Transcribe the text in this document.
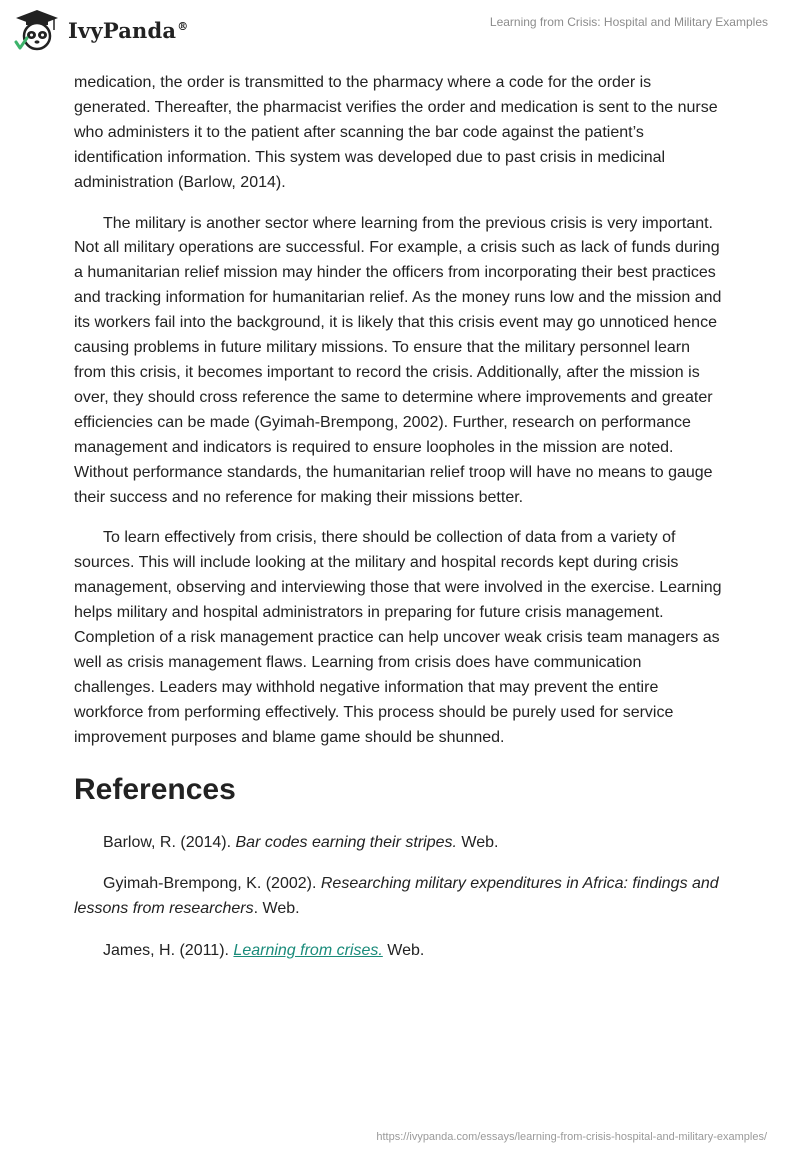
IvyPanda®	Learning from Crisis: Hospital and Military Examples

medication, the order is transmitted to the pharmacy where a code for the order is generated. Thereafter, the pharmacist verifies the order and medication is sent to the nurse who administers it to the patient after scanning the bar code against the patient’s identification information. This system was developed due to past crisis in medicinal administration (Barlow, 2014).

The military is another sector where learning from the previous crisis is very important. Not all military operations are successful. For example, a crisis such as lack of funds during a humanitarian relief mission may hinder the officers from incorporating their best practices and tracking information for humanitarian relief. As the money runs low and the mission and its workers fail into the background, it is likely that this crisis event may go unnoticed hence causing problems in future military missions. To ensure that the military personnel learn from this crisis, it becomes important to record the crisis. Additionally, after the mission is over, they should cross reference the same to determine where improvements and greater efficiencies can be made (Gyimah-Brempong, 2002). Further, research on performance management and indicators is required to ensure loopholes in the mission are noted. Without performance standards, the humanitarian relief troop will have no means to gauge their success and no reference for making their missions better.

To learn effectively from crisis, there should be collection of data from a variety of sources. This will include looking at the military and hospital records kept during crisis management, observing and interviewing those that were involved in the exercise. Learning helps military and hospital administrators in preparing for future crisis management. Completion of a risk management practice can help uncover weak crisis team managers as well as crisis management flaws. Learning from crisis does have communication challenges. Leaders may withhold negative information that may prevent the entire workforce from performing effectively. This process should be purely used for service improvement purposes and blame game should be shunned.

References

Barlow, R. (2014). Bar codes earning their stripes. Web.

Gyimah-Brempong, K. (2002). Researching military expenditures in Africa: findings and lessons from researchers. Web.

James, H. (2011). Learning from crises. Web.

https://ivypanda.com/essays/learning-from-crisis-hospital-and-military-examples/
